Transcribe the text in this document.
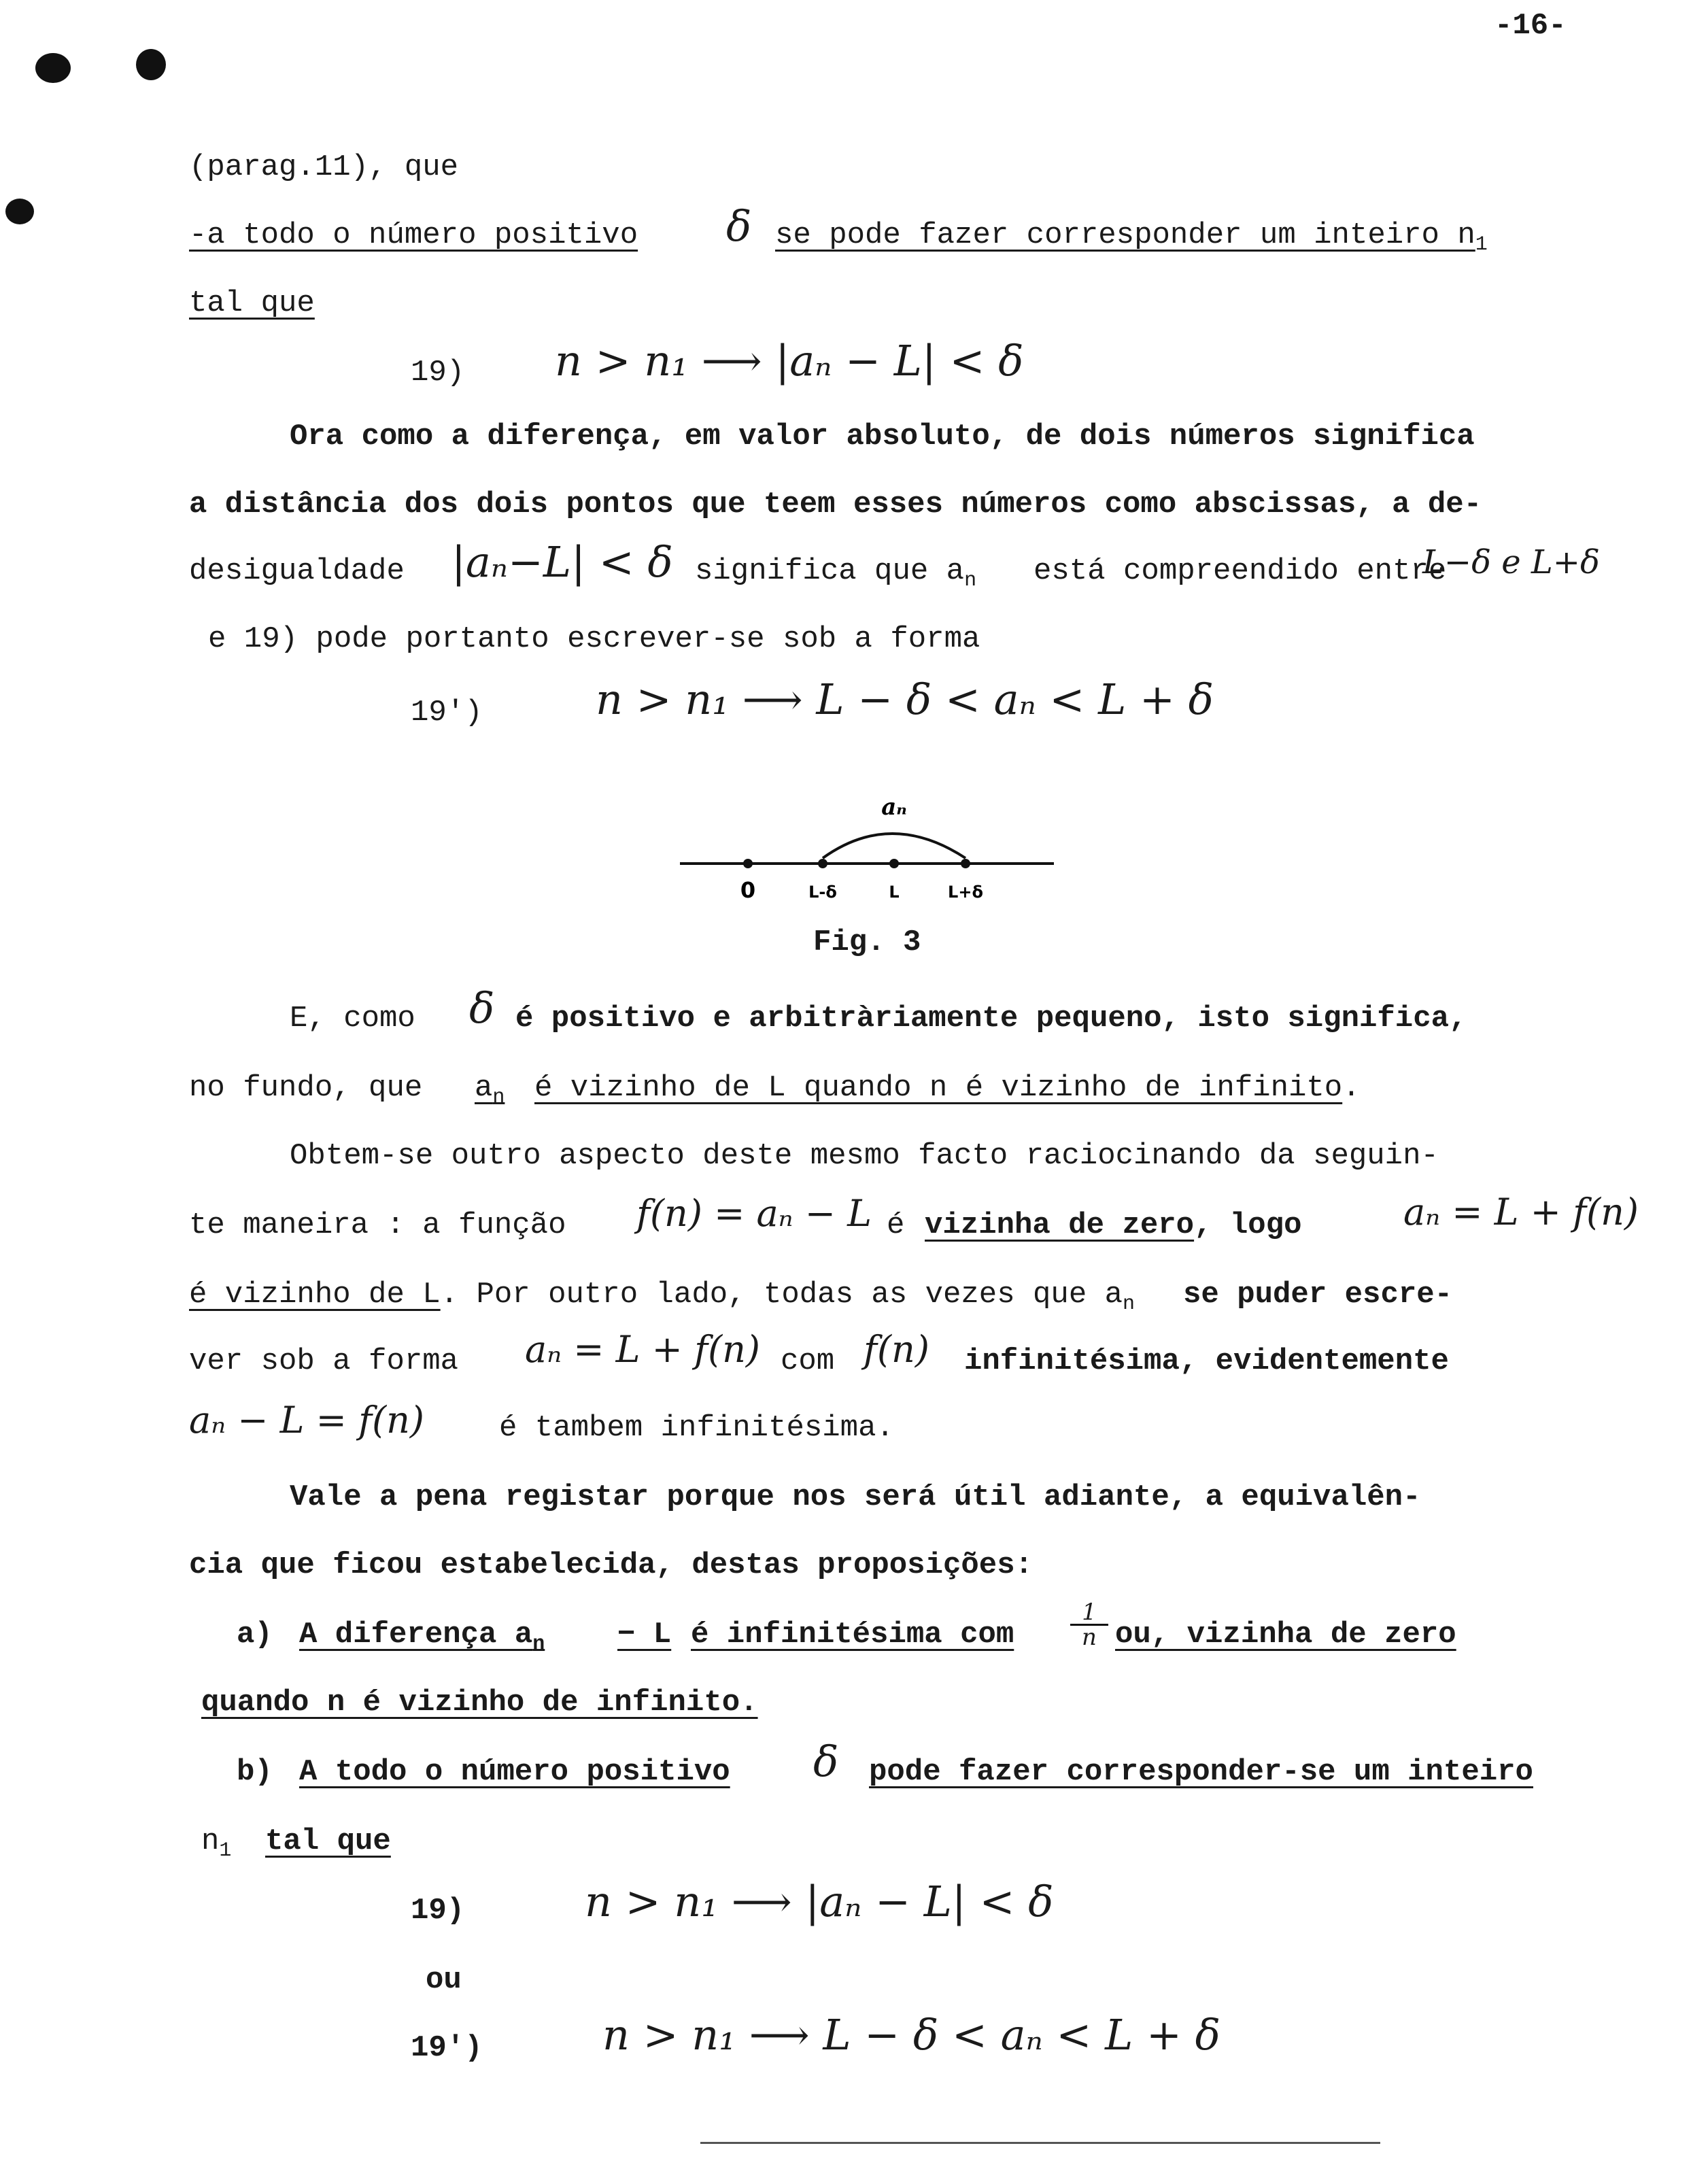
-16-
(parag.11), que
-a todo o número positivo δ se pode fazer corresponder um inteiro $n_1$
tal que
19) n > n₁ ⟶ |aₙ − L| < δ
Ora como a diferença, em valor absoluto, de dois números significa
a distância dos dois pontos que teem esses números como abscissas, a de-
desigualdade |aₙ−L| < δ significa que $a_n$ está compreendido entre
L−δ e L+δ
e 19) pode portanto escrever-se sob a forma
19')	n > n₁ ⟶ L − δ < aₙ < L + δ
0	L-δ	L	L+δ
aₙ
Fig. 3
E, como δ é positivo e arbitràriamente pequeno, isto significa,
no fundo, que $a_n$ é vizinho de L quando n é vizinho de infinito.
Obtem-se outro aspecto deste mesmo facto raciocinando da seguin-
te maneira : a função f(n) = aₙ − L é vizinha de zero, logo	aₙ = L + f(n)
é vizinho de L. Por outro lado, todas as vezes que $a_n$ se puder escre-
ver sob a forma aₙ = L + f(n) com f(n) infinitésima, evidentemente
aₙ − L = f(n)	é tambem infinitésima.
Vale a pena registar porque nos será útil adiante, a equivalên-
cia que ficou estabelecida, destas proposições:
a) A diferença $a_n - L$ é infinitésima com $\frac{1}{n}$ ou, vizinha de zero
quando n é vizinho de infinito.
b) A todo o número positivo δ pode fazer corresponder-se um inteiro
$n_1$ tal que
19)	n > n₁ ⟶ |aₙ − L| < δ
ou
19')	n > n₁ ⟶ L − δ < aₙ < L + δ
